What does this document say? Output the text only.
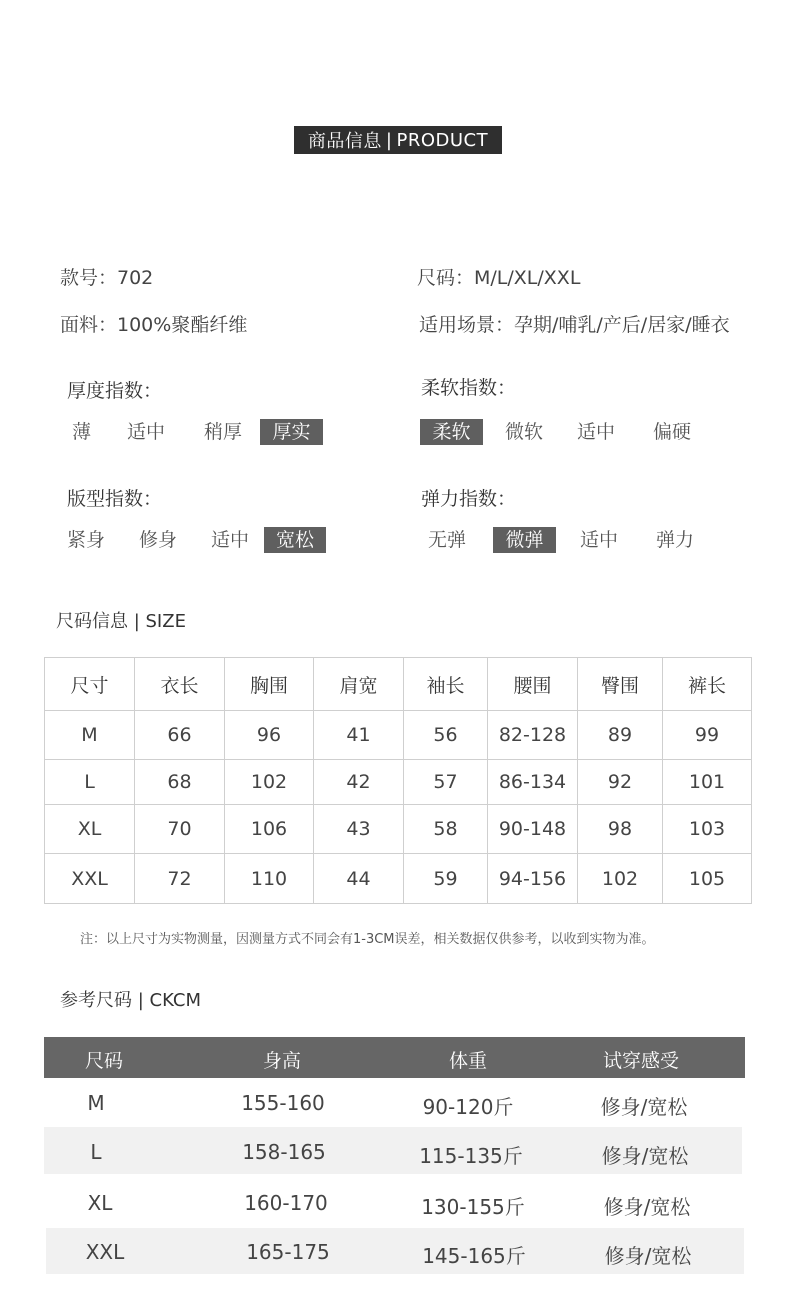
商品信息 | PRODUCT
款号：702	尺码：M/L/XL/XXL
面料：100%聚酯纤维	适用场景：孕期/哺乳/产后/居家/睡衣
厚度指数：
薄 适中 稍厚	厚实
柔软指数：
柔软	微软 适中 偏硬
版型指数：
紧身 修身 适中	宽松
弹力指数：
无弹	微弹	适中 弹力
尺码信息 | SIZE
尺寸	衣长	胸围	肩宽	袖长	腰围	臀围	裤长
M	66	96	41	56	82-128	89	99
L	68	102	42	57	86-134	92	101
XL	70	106	43	58	90-148	98	103
XXL	72	110	44	59	94-156	102	105
注：以上尺寸为实物测量，因测量方式不同会有1-3CM误差，相关数据仅供参考，以收到实物为准。
参考尺码 | CKCM
尺码	身高	体重	试穿感受
M	155-160	90-120斤	修身/宽松
L	158-165	115-135斤	修身/宽松
XL	160-170	130-155斤	修身/宽松
XXL	165-175	145-165斤	修身/宽松
